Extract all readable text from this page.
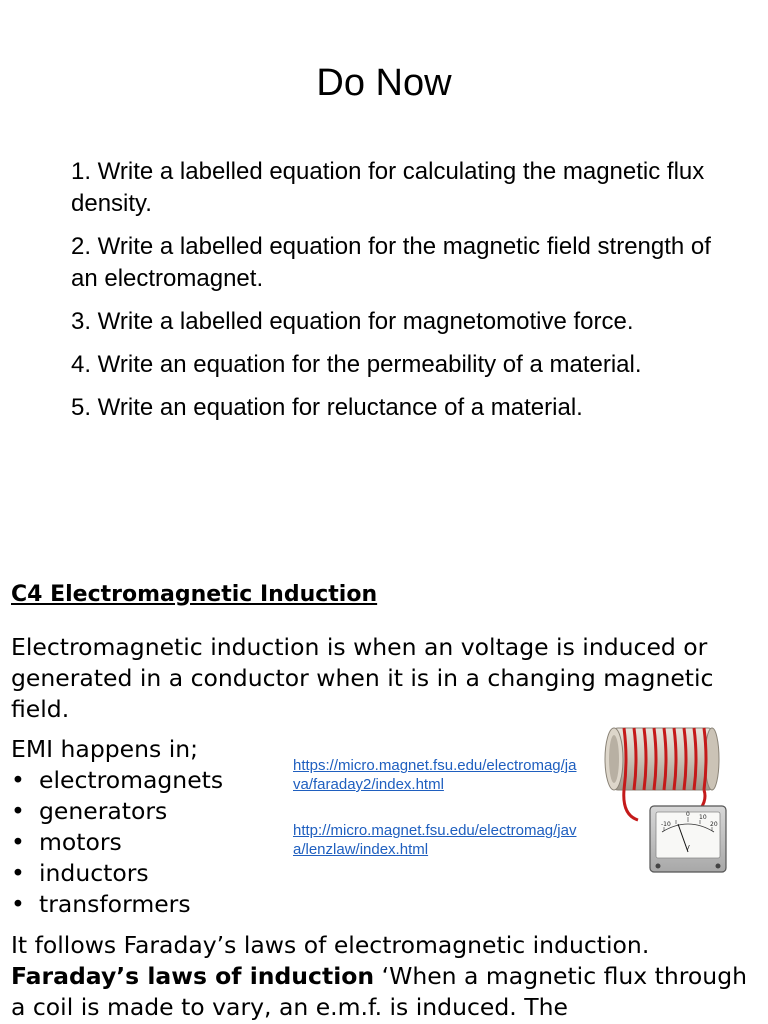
Do Now
1. Write a labelled equation for calculating the magnetic flux density.
2. Write a labelled equation for the magnetic field strength of an electromagnet.
3. Write a labelled equation for magnetomotive force.
4. Write an equation for the permeability of a material.
5. Write an equation for reluctance of a material.
C4 Electromagnetic Induction

Electromagnetic induction is when an voltage is induced or generated in a conductor when it is in a changing magnetic field.

EMI happens in;

• electromagnets
• generators
• motors
• inductors
• transformers
https://micro.magnet.fsu.edu/electromag/java/faraday2/index.html
http://micro.magnet.fsu.edu/electromag/java/lenzlaw/index.html
-10
0 10
20
V

It follows Faraday’s laws of electromagnetic induction.
Faraday’s laws of induction ‘When a magnetic flux through a coil is made to vary, an e.m.f. is induced. The
